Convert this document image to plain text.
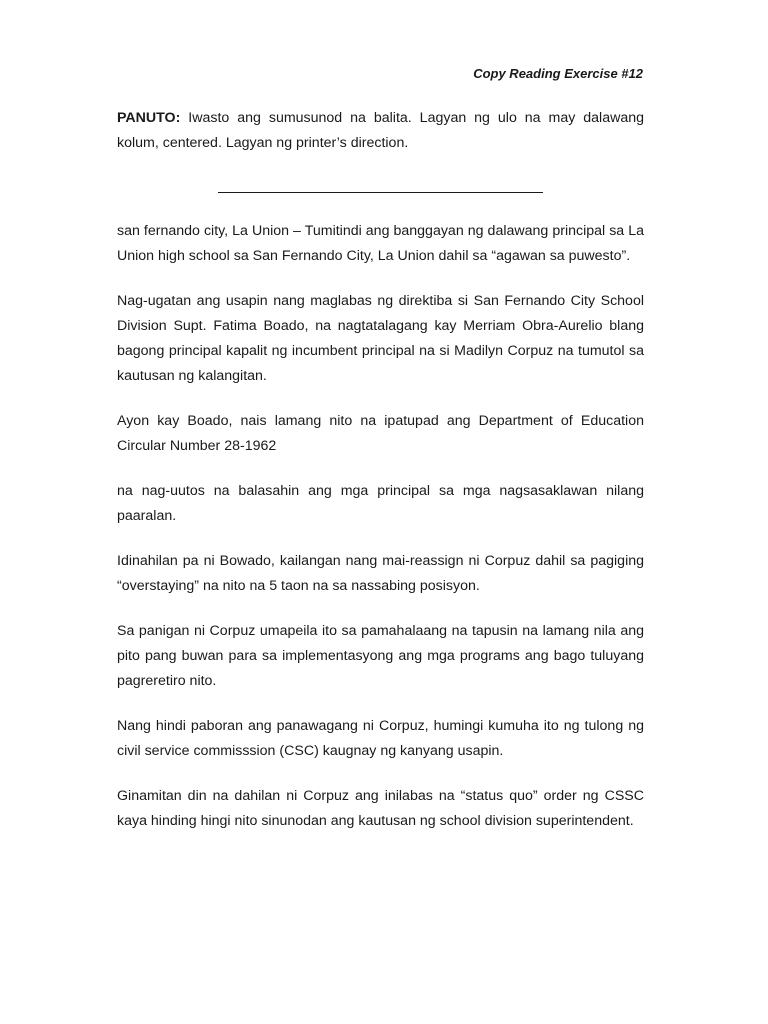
Copy Reading Exercise #12
PANUTO: Iwasto ang sumusunod na balita. Lagyan ng ulo na may dalawang kolum, centered. Lagyan ng printer’s direction.

san fernando city, La Union – Tumitindi ang banggayan ng dalawang principal sa La Union high school sa San Fernando City, La Union dahil sa “agawan sa puwesto”.

Nag-ugatan ang usapin nang maglabas ng direktiba si San Fernando City School Division Supt. Fatima Boado, na nagtatalagang kay Merriam Obra-Aurelio blang bagong principal kapalit ng incumbent principal na si Madilyn Corpuz na tumutol sa kautusan ng kalangitan.

Ayon kay Boado, nais lamang nito na ipatupad ang Department of Education Circular Number 28-1962

na nag-uutos na balasahin ang mga principal sa mga nagsasaklawan nilang paaralan.

Idinahilan pa ni Bowado, kailangan nang mai-reassign ni Corpuz dahil sa pagiging “overstaying” na nito na 5 taon na sa nassabing posisyon.

Sa panigan ni Corpuz umapeila ito sa pamahalaang na tapusin na lamang nila ang pito pang buwan para sa implementasyong ang mga programs ang bago tuluyang pagreretiro nito.

Nang hindi paboran ang panawagang ni Corpuz, humingi kumuha ito ng tulong ng civil service commisssion (CSC) kaugnay ng kanyang usapin.

Ginamitan din na dahilan ni Corpuz ang inilabas na “status quo” order ng CSSC kaya hinding hingi nito sinunodan ang kautusan ng school division superintendent.
